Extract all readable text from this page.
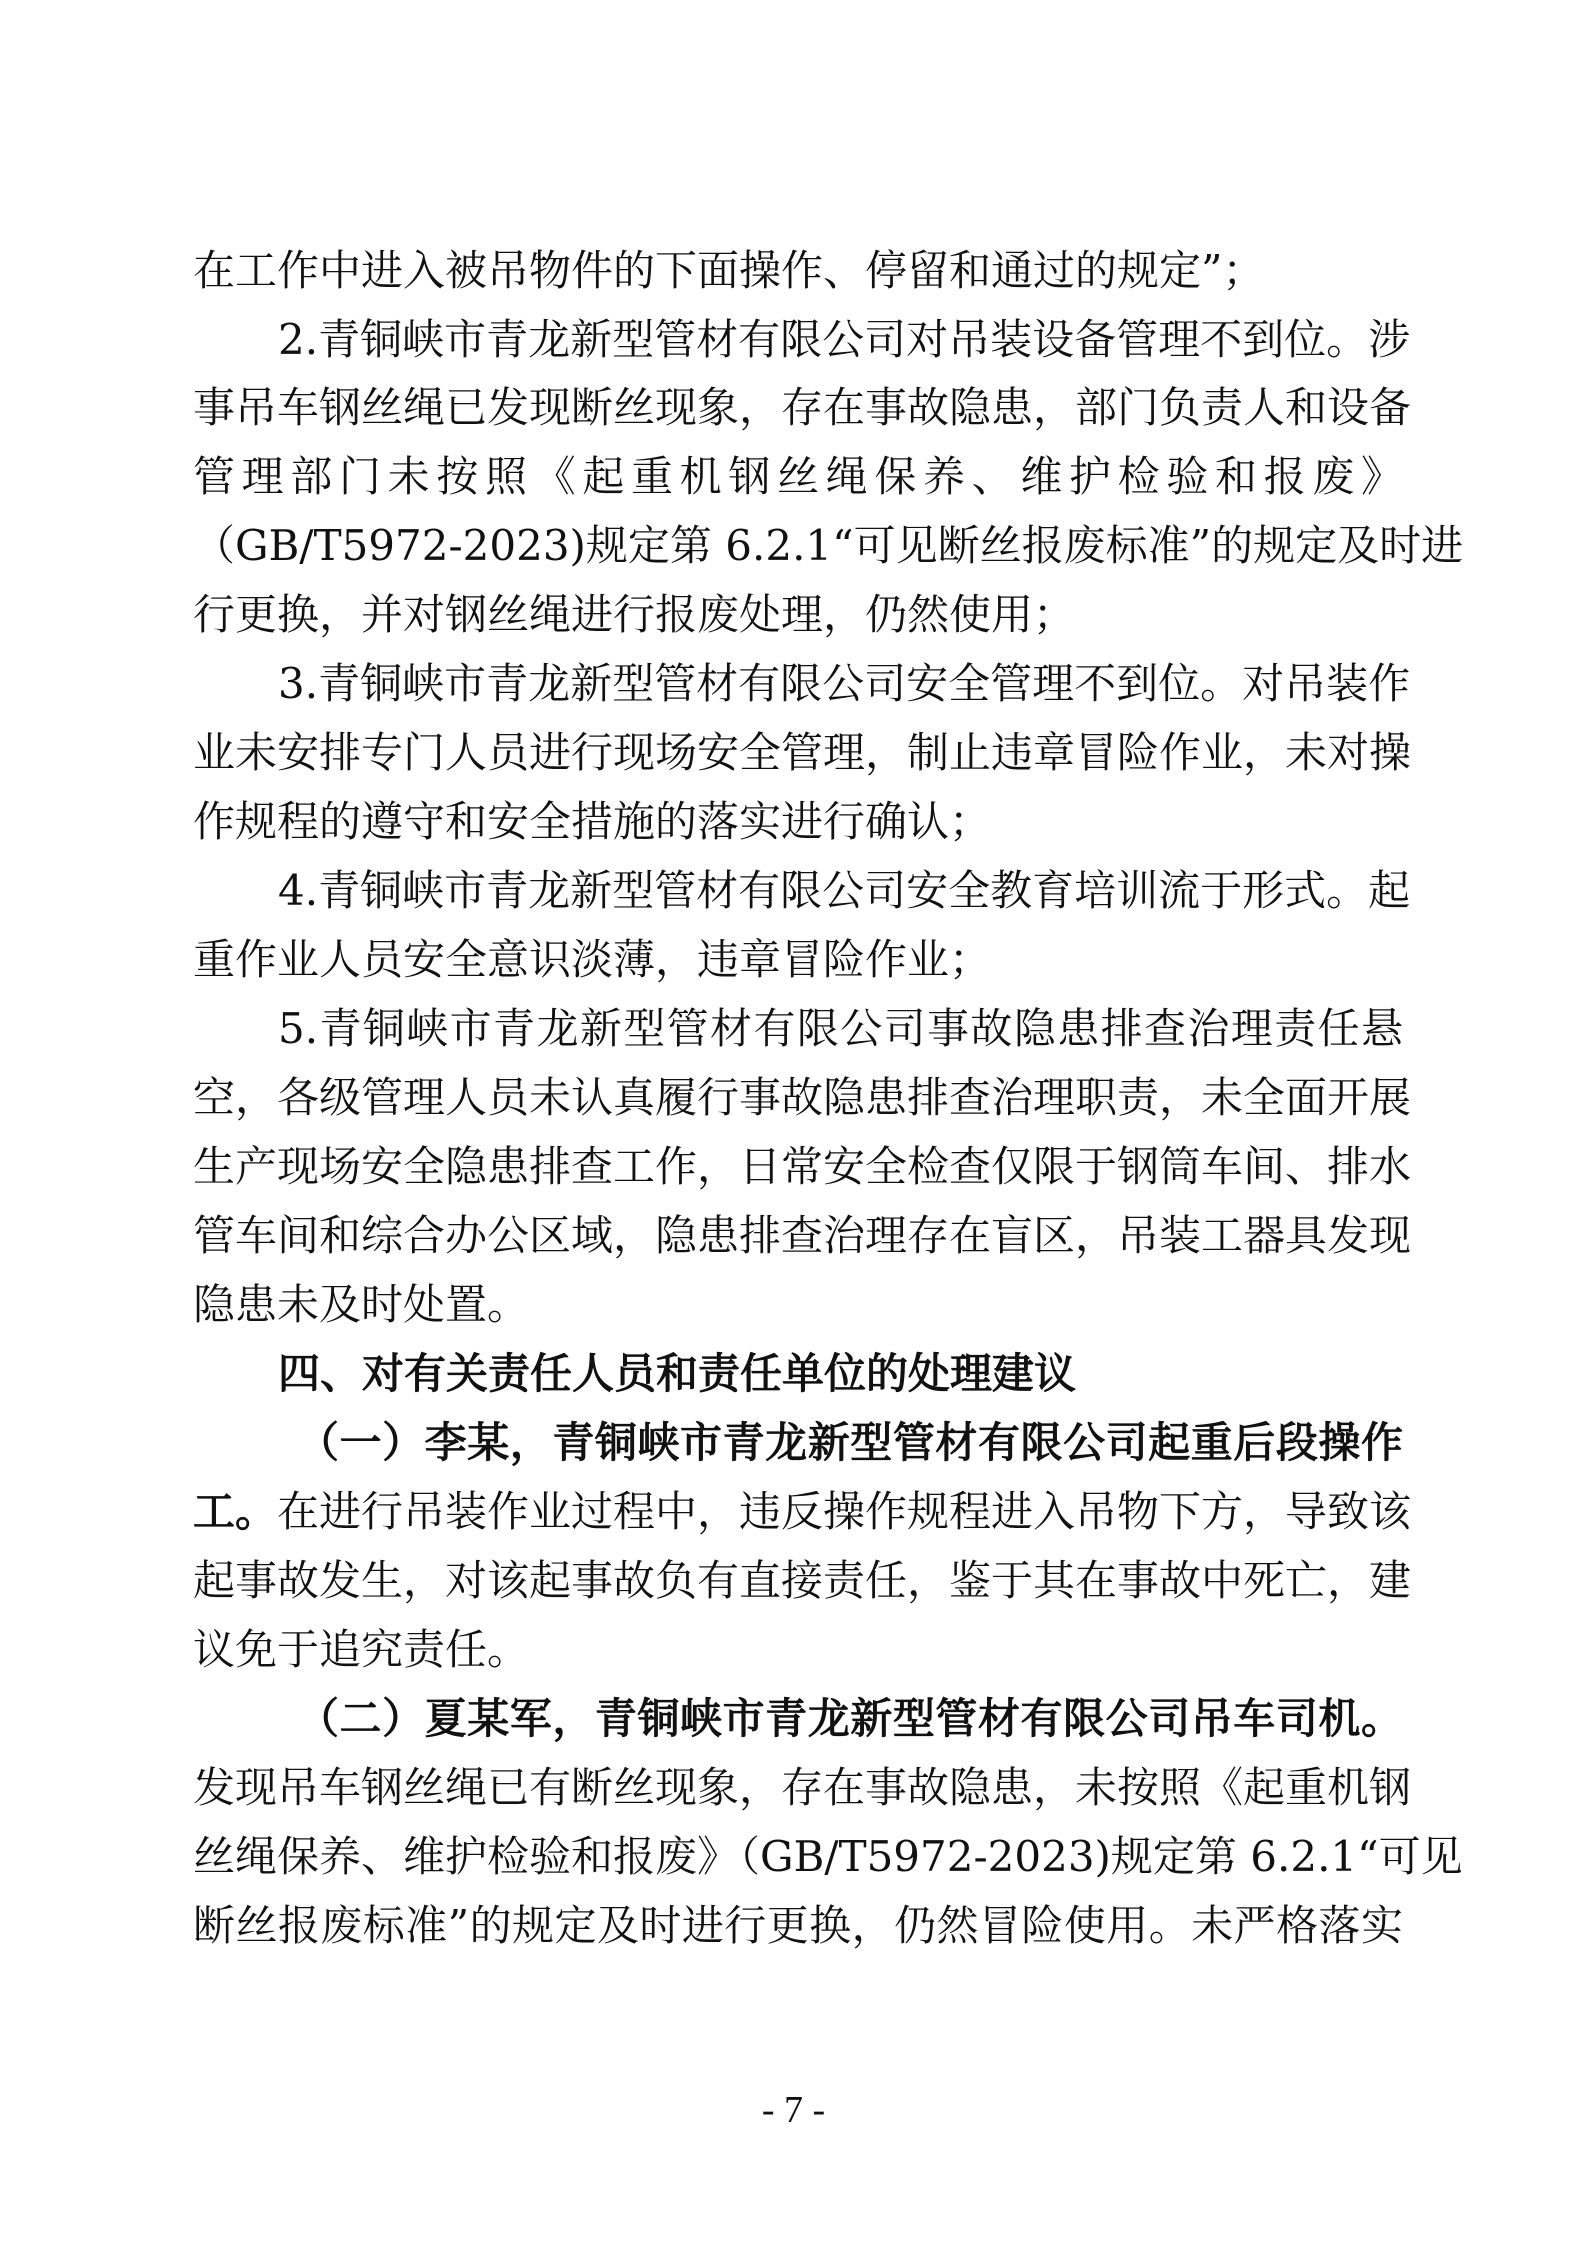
在工作中进入被吊物件的下面操作、停留和通过的规定”；
2.青铜峡市青龙新型管材有限公司对吊装设备管理不到位。涉
事吊车钢丝绳已发现断丝现象，存在事故隐患，部门负责人和设备
管理部门未按照《起重机钢丝绳保养、维护检验和报废》
（GB/T5972-2023)规定第 6.2.1“可见断丝报废标准”的规定及时进
行更换，并对钢丝绳进行报废处理，仍然使用；
3.青铜峡市青龙新型管材有限公司安全管理不到位。对吊装作
业未安排专门人员进行现场安全管理，制止违章冒险作业，未对操
作规程的遵守和安全措施的落实进行确认；
4.青铜峡市青龙新型管材有限公司安全教育培训流于形式。起
重作业人员安全意识淡薄，违章冒险作业；
5.青铜峡市青龙新型管材有限公司事故隐患排查治理责任悬
空，各级管理人员未认真履行事故隐患排查治理职责，未全面开展
生产现场安全隐患排查工作，日常安全检查仅限于钢筒车间、排水
管车间和综合办公区域，隐患排查治理存在盲区，吊装工器具发现
隐患未及时处置。
四、对有关责任人员和责任单位的处理建议
（一）李某，青铜峡市青龙新型管材有限公司起重后段操作
工。在进行吊装作业过程中，违反操作规程进入吊物下方，导致该
起事故发生，对该起事故负有直接责任，鉴于其在事故中死亡，建
议免于追究责任。
（二）夏某军，青铜峡市青龙新型管材有限公司吊车司机。
发现吊车钢丝绳已有断丝现象，存在事故隐患，未按照《起重机钢
丝绳保养、维护检验和报废》（GB/T5972-2023)规定第 6.2.1“可见
断丝报废标准”的规定及时进行更换，仍然冒险使用。未严格落实
- 7 -
